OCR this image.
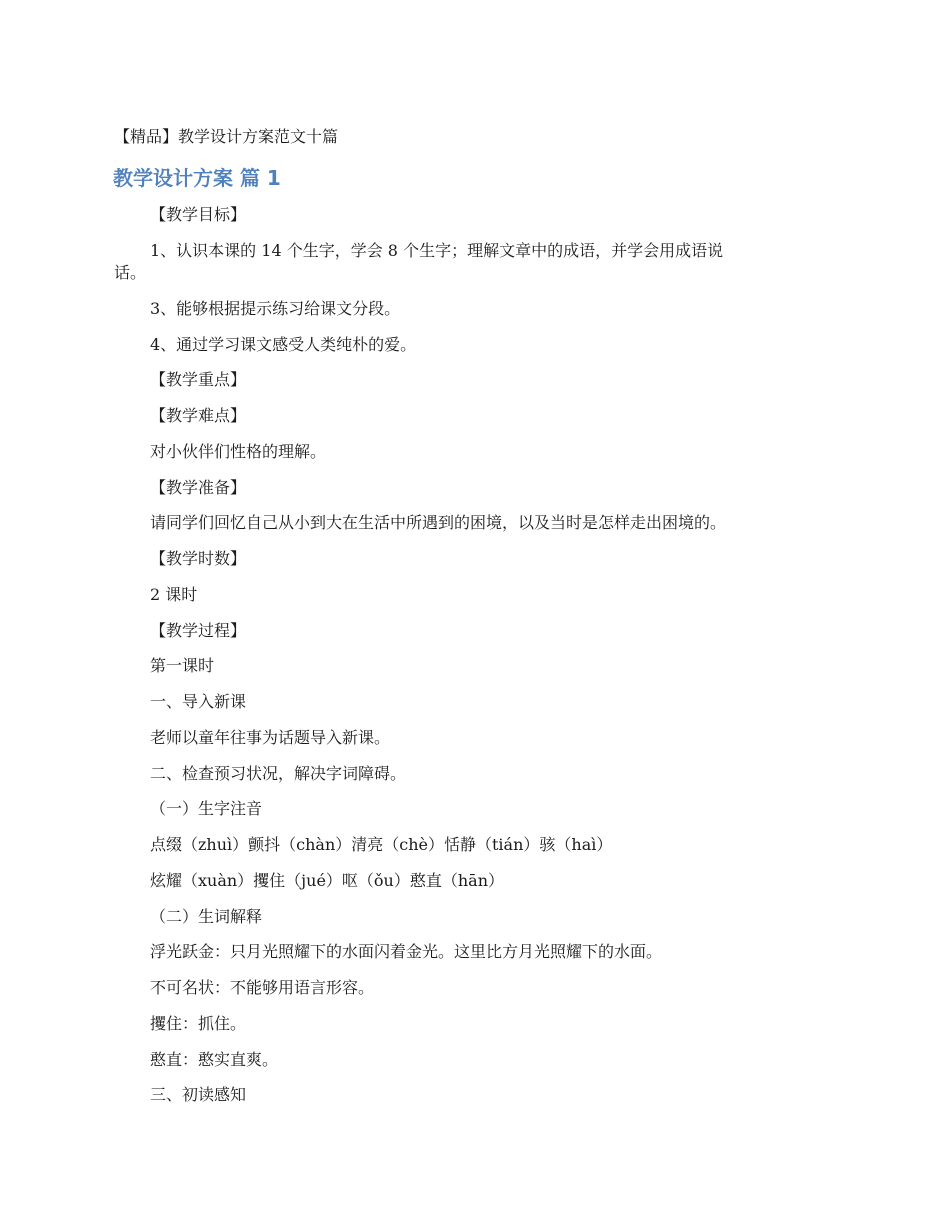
【精品】教学设计方案范文十篇
教学设计方案 篇 1
【教学目标】
1、认识本课的 14 个生字，学会 8 个生字；理解文章中的成语，并学会用成语说
话。
3、能够根据提示练习给课文分段。
4、通过学习课文感受人类纯朴的爱。
【教学重点】
【教学难点】
对小伙伴们性格的理解。
【教学准备】
请同学们回忆自己从小到大在生活中所遇到的困境，以及当时是怎样走出困境的。
【教学时数】
2 课时
【教学过程】
第一课时
一、导入新课
老师以童年往事为话题导入新课。
二、检查预习状况，解决字词障碍。
（一）生字注音
点缀（zhuì）颤抖（chàn）清亮（chè）恬静（tián）骇（haì）
炫耀（xuàn）攫住（jué）呕（ǒu）憨直（hān）
（二）生词解释
浮光跃金：只月光照耀下的水面闪着金光。这里比方月光照耀下的水面。
不可名状：不能够用语言形容。
攫住：抓住。
憨直：憨实直爽。
三、初读感知
